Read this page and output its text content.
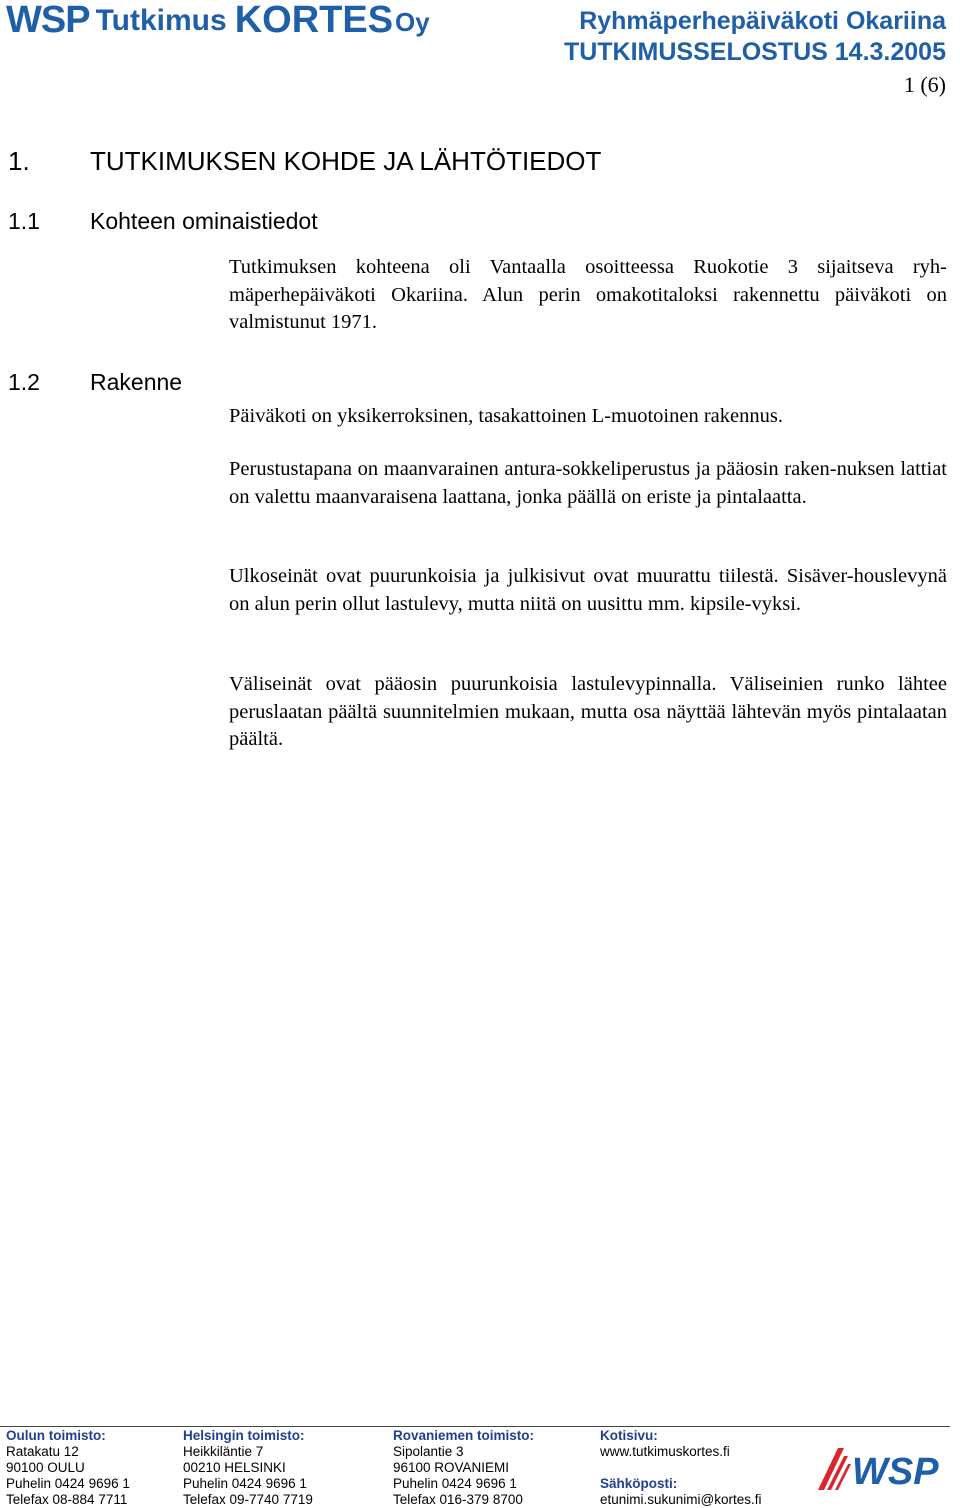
WSP Tutkimus KORTES Oy	Ryhmäperhepäiväkoti Okariina
TUTKIMUSSELOSTUS 14.3.2005
1 (6)
1. TUTKIMUKSEN KOHDE JA LÄHTÖTIEDOT
1.1 Kohteen ominaistiedot
Tutkimuksen kohteena oli Vantaalla osoitteessa Ruokotie 3 sijaitseva ryh-mäperhepäiväkoti Okariina. Alun perin omakotitaloksi rakennettu päiväkoti on valmistunut 1971.
1.2 Rakenne
Päiväkoti on yksikerroksinen, tasakattoinen L-muotoinen rakennus.
Perustustapana on maanvarainen antura-sokkeliperustus ja pääosin raken-nuksen lattiat on valettu maanvaraisena laattana, jonka päällä on eriste ja pintalaatta.
Ulkoseinät ovat puurunkoisia ja julkisivut ovat muurattu tiilestä. Sisäver-houslevynä on alun perin ollut lastulevy, mutta niitä on uusittu mm. kipsile-vyksi.
Väliseinät ovat pääosin puurunkoisia lastulevypinnalla. Väliseinien runko lähtee peruslaatan päältä suunnitelmien mukaan, mutta osa näyttää lähtevän myös pintalaatan päältä.
Oulun toimisto:
Ratakatu 12
90100 OULU
Puhelin 0424 9696 1
Telefax 08-884 7711
Helsingin toimisto:
Heikkiläntie 7
00210 HELSINKI
Puhelin 0424 9696 1
Telefax 09-7740 7719
Rovaniemen toimisto:
Sipolantie 3
96100 ROVANIEMI
Puhelin 0424 9696 1
Telefax 016-379 8700
Kotisivu:
www.tutkimuskortes.fi
Sähköposti:
etunimi.sukunimi@kortes.fi
WSP
